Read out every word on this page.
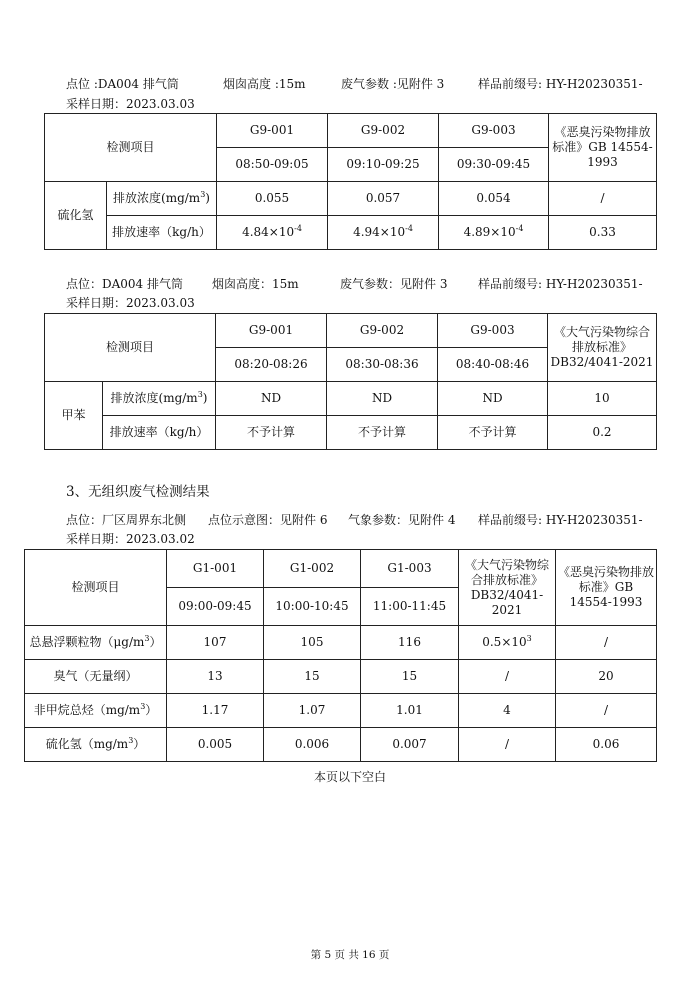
点位 :DA004 排气筒	烟囱高度 :15m	废气参数 :见附件 3	样品前缀号: HY-H20230351-
采样日期：2023.03.03
检测项目		G9-001	G9-002	G9-003	《恶臭污染物排放标准》GB 14554-1993
		08:50-09:05	09:10-09:25	09:30-09:45	
硫化氢	排放浓度$(mg/m^3)$	0.055	0.057	0.054	/
	排放速率（kg/h）	$4.84\times 10^{-4}$	$4.94\times 10^{-4}$	$4.89\times 10^{-4}$	0.33
点位：DA004 排气筒 烟囱高度：15m	废气参数：见附件 3	样品前缀号: HY-H20230351-
采样日期：2023.03.03
检测项目		G9-001	G9-002	G9-003	《大气污染物综合排放标准》DB32/4041-2021
		08:20-08:26	08:30-08:36	08:40-08:46	
甲苯	排放浓度$(mg/m^3)$	ND	ND	ND	10
	排放速率（kg/h）	不予计算	不予计算	不予计算	0.2
3、无组织废气检测结果
点位：厂区周界东北侧 点位示意图：见附件 6 气象参数：见附件 4 样品前缀号: HY-H20230351-
采样日期：2023.03.02
检测项目	G1-001	G1-002	G1-003	《大气污染物综合排放标准》DB32/4041-2021	《恶臭污染物排放标准》GB 14554-1993
	09:00-09:45	10:00-10:45	11:00-11:45		
总悬浮颗粒物$(\mu g/m^3)$	107	105	116	$0.5\times 10^3$	/
臭气（无量纲）	13	15	15	/	20
非甲烷总烃$(mg/m^3)$	1.17	1.07	1.01	4	/
硫化氢$(mg/m^3)$	0.005	0.006	0.007	/	0.06
本页以下空白
第 5 页 共 16 页
